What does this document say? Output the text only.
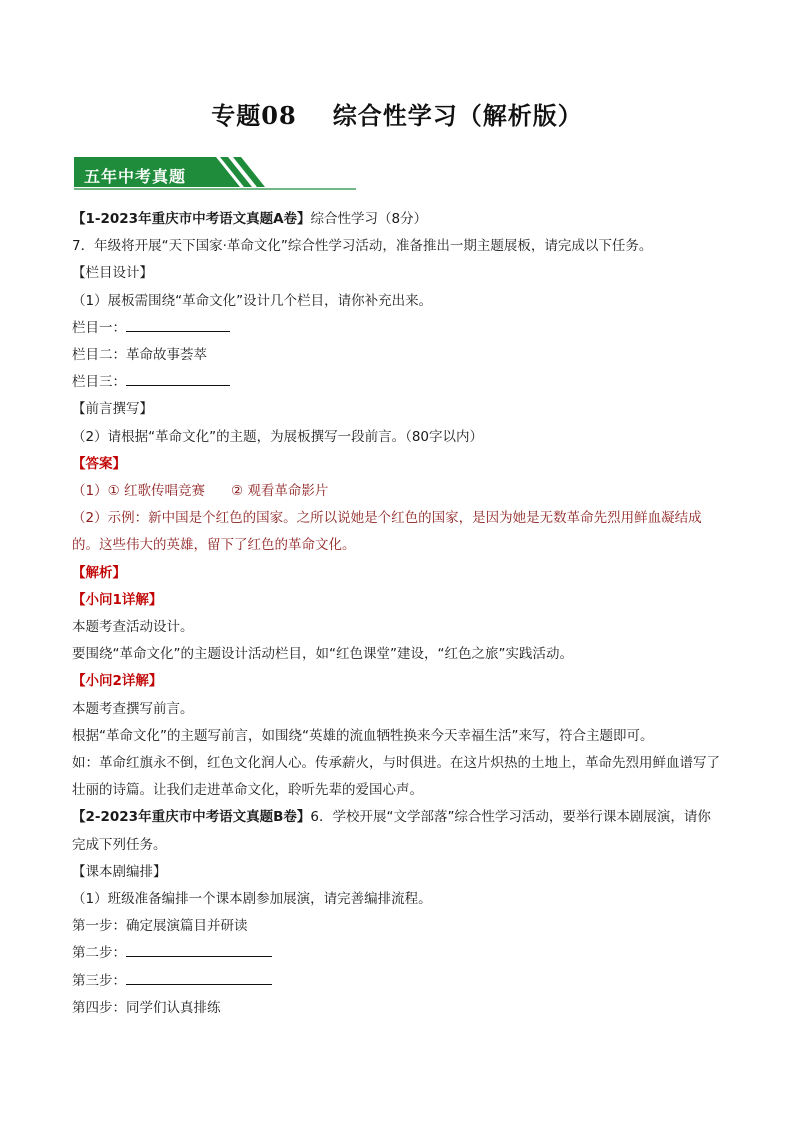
专题08 综合性学习（解析版）
五年中考真题
【1-2023年重庆市中考语文真题A卷】综合性学习（8分）
7．年级将开展“天下国家·革命文化”综合性学习活动，准备推出一期主题展板，请完成以下任务。
【栏目设计】
（1）展板需围绕“革命文化”设计几个栏目，请你补充出来。
栏目一：
栏目二：革命故事荟萃
栏目三：
【前言撰写】
（2）请根据“革命文化”的主题，为展板撰写一段前言。（80字以内）
【答案】
（1）① 红歌传唱竞赛 ② 观看革命影片
（2）示例：新中国是个红色的国家。之所以说她是个红色的国家，是因为她是无数革命先烈用鲜血凝结成的。这些伟大的英雄，留下了红色的革命文化。
【解析】
【小问1详解】
本题考查活动设计。
要围绕“革命文化”的主题设计活动栏目，如“红色课堂”建设，“红色之旅”实践活动。
【小问2详解】
本题考查撰写前言。
根据“革命文化”的主题写前言，如围绕“英雄的流血牺牲换来今天幸福生活”来写，符合主题即可。
如：革命红旗永不倒，红色文化润人心。传承薪火，与时俱进。在这片炽热的土地上，革命先烈用鲜血谱写了壮丽的诗篇。让我们走进革命文化，聆听先辈的爱国心声。
【2-2023年重庆市中考语文真题B卷】6．学校开展“文学部落”综合性学习活动，要举行课本剧展演，请你完成下列任务。
【课本剧编排】
（1）班级准备编排一个课本剧参加展演，请完善编排流程。
第一步：确定展演篇目并研读
第二步：
第三步：
第四步：同学们认真排练
